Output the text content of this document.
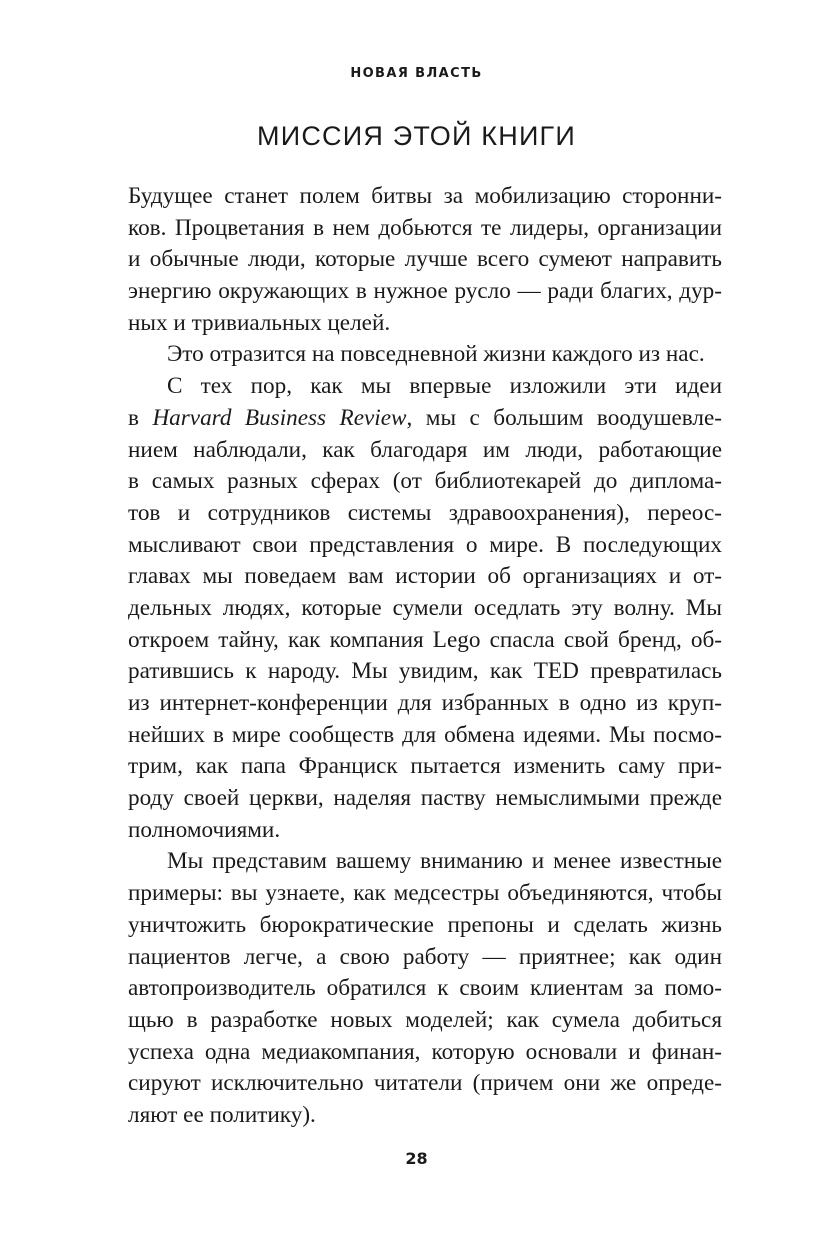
НОВАЯ ВЛАСТЬ
МИССИЯ ЭТОЙ КНИГИ
Будущее станет полем битвы за мобилизацию сторонни-
ков. Процветания в нем добьются те лидеры, организации
и обычные люди, которые лучше всего сумеют направить
энергию окружающих в нужное русло — ради благих, дур-
ных и тривиальных целей.
Это отразится на повседневной жизни каждого из нас.
С тех пор, как мы впервые изложили эти идеи
в Harvard Business Review, мы с большим воодушевле-
нием наблюдали, как благодаря им люди, работающие
в самых разных сферах (от библиотекарей до диплома-
тов и сотрудников системы здравоохранения), переос-
мысливают свои представления о мире. В последующих
главах мы поведаем вам истории об организациях и от-
дельных людях, которые сумели оседлать эту волну. Мы
откроем тайну, как компания Lego спасла свой бренд, об-
ратившись к народу. Мы увидим, как TED превратилась
из интернет-конференции для избранных в одно из круп-
нейших в мире сообществ для обмена идеями. Мы посмо-
трим, как папа Франциск пытается изменить саму при-
роду своей церкви, наделяя паству немыслимыми прежде
полномочиями.
Мы представим вашему вниманию и менее известные
примеры: вы узнаете, как медсестры объединяются, чтобы
уничтожить бюрократические препоны и сделать жизнь
пациентов легче, а свою работу — приятнее; как один
автопроизводитель обратился к своим клиентам за помо-
щью в разработке новых моделей; как сумела добиться
успеха одна медиакомпания, которую основали и финан-
сируют исключительно читатели (причем они же опреде-
ляют ее политику).
28
